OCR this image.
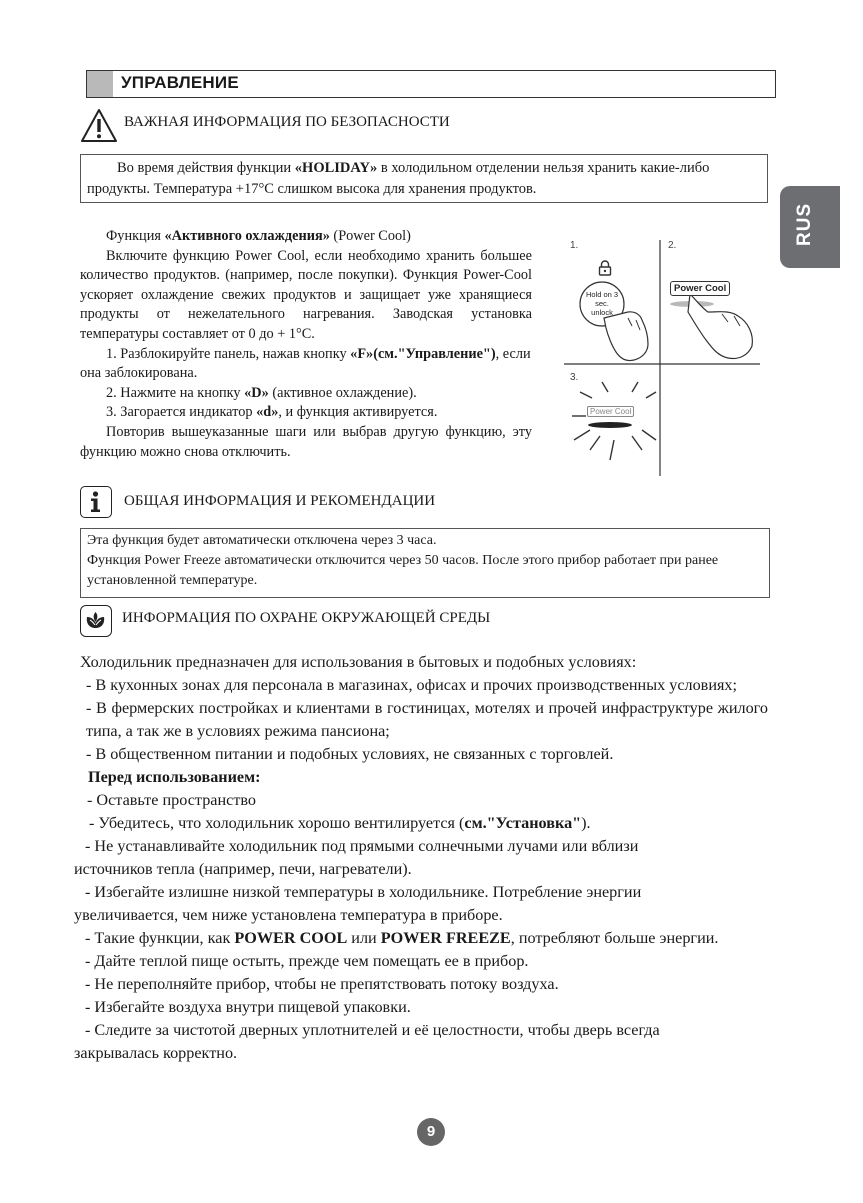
УПРАВЛЕНИЕ
RUS
ВАЖНАЯ ИНФОРМАЦИЯ ПО БЕЗОПАСНОСТИ

Во время действия функции «HOLIDAY» в холодильном отделении нельзя хранить какие-либо продукты. Температура +17°C слишком высока для хранения продуктов.

Функция «Активного охлаждения» (Power Cool)

Включите функцию Power Cool, если необходимо хранить большее количество продуктов. (например, после покупки). Функция Power-Cool ускоряет охлаждение свежих продуктов и защищает уже хранящиеся продукты от нежелательного нагревания. Заводская установка температуры составляет от 0 до + 1°C.

1. Разблокируйте панель, нажав кнопку «F»(см."Управление"), если она заблокирована.

2. Нажмите на кнопку «D» (активное охлаждение).

3. Загорается индикатор «d», и функция активируется.

Повторив вышеуказанные шаги или выбрав другую функцию, эту функцию можно снова отключить.

1.	2.
3.
Hold on 3 sec. unlock
Power Cool
Power Cool
ОБЩАЯ ИНФОРМАЦИЯ И РЕКОМЕНДАЦИИ

Эта функция будет автоматически отключена через 3 часа.

Функция Power Freeze автоматически отключится через 50 часов. После этого прибор работает при ранее установленной температуре.

ИНФОРМАЦИЯ ПО ОХРАНЕ ОКРУЖАЮЩЕЙ СРЕДЫ

Холодильник предназначен для использования в бытовых и подобных условиях:

- В кухонных зонах для персонала в магазинах, офисах и прочих производственных условиях;

- В фермерских постройках и клиентами в гостиницах, мотелях и прочей инфраструктуре жилого типа, а так же в условиях режима пансиона;

- В общественном питании и подобных условиях, не связанных с торговлей.

Перед использованием:

- Оставьте пространство

- Убедитесь, что холодильник хорошо вентилируется (см."Установка").

- Не устанавливайте холодильник под прямыми солнечными лучами или вблизи источников тепла (например, печи, нагреватели).

- Избегайте излишне низкой температуры в холодильнике. Потребление энергии увеличивается, чем ниже установлена температура в приборе.

- Такие функции, как POWER COOL или POWER FREEZE, потребляют больше энергии.

- Дайте теплой пище остыть, прежде чем помещать ее в прибор.

- Не переполняйте прибор, чтобы не препятствовать потоку воздуха.

- Избегайте воздуха внутри пищевой упаковки.

- Следите за чистотой дверных уплотнителей и её целостности, чтобы дверь всегда закрывалась корректно.

9
